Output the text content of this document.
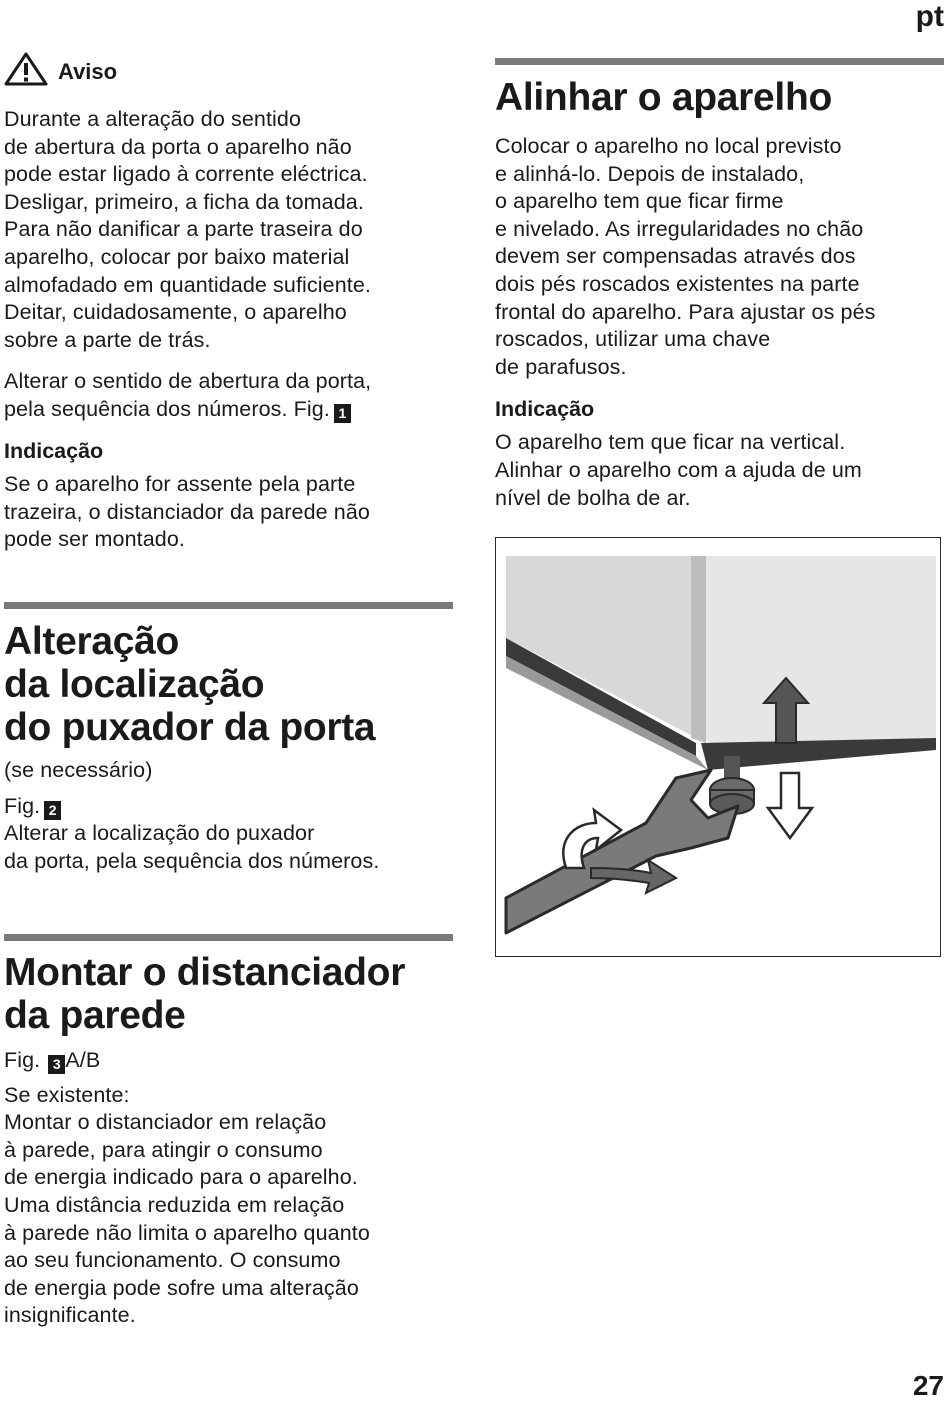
pt
27
Aviso

Durante a alteração do sentido
de abertura da porta o aparelho não
pode estar ligado à corrente eléctrica.
Desligar, primeiro, a ficha da tomada.
Para não danificar a parte traseira do
aparelho, colocar por baixo material
almofadado em quantidade suficiente.
Deitar, cuidadosamente, o aparelho
sobre a parte de trás.

Alterar o sentido de abertura da porta,
pela sequência dos números. Fig. 1

Indicação

Se o aparelho for assente pela parte
trazeira, o distanciador da parede não
pode ser montado.

Alteração
da localização
do puxador da porta

(se necessário)

Fig. 2

Alterar a localização do puxador
da porta, pela sequência dos números.

Montar o distanciador
da parede

Fig. 3 A/B

Se existente:
Montar o distanciador em relação
à parede, para atingir o consumo
de energia indicado para o aparelho.
Uma distância reduzida em relação
à parede não limita o aparelho quanto
ao seu funcionamento. O consumo
de energia pode sofre uma alteração
insignificante.

Alinhar o aparelho

Colocar o aparelho no local previsto
e alinhá-lo. Depois de instalado,
o aparelho tem que ficar firme
e nivelado. As irregularidades no chão
devem ser compensadas através dos
dois pés roscados existentes na parte
frontal do aparelho. Para ajustar os pés
roscados, utilizar uma chave
de parafusos.

Indicação

O aparelho tem que ficar na vertical.
Alinhar o aparelho com a ajuda de um
nível de bolha de ar.
